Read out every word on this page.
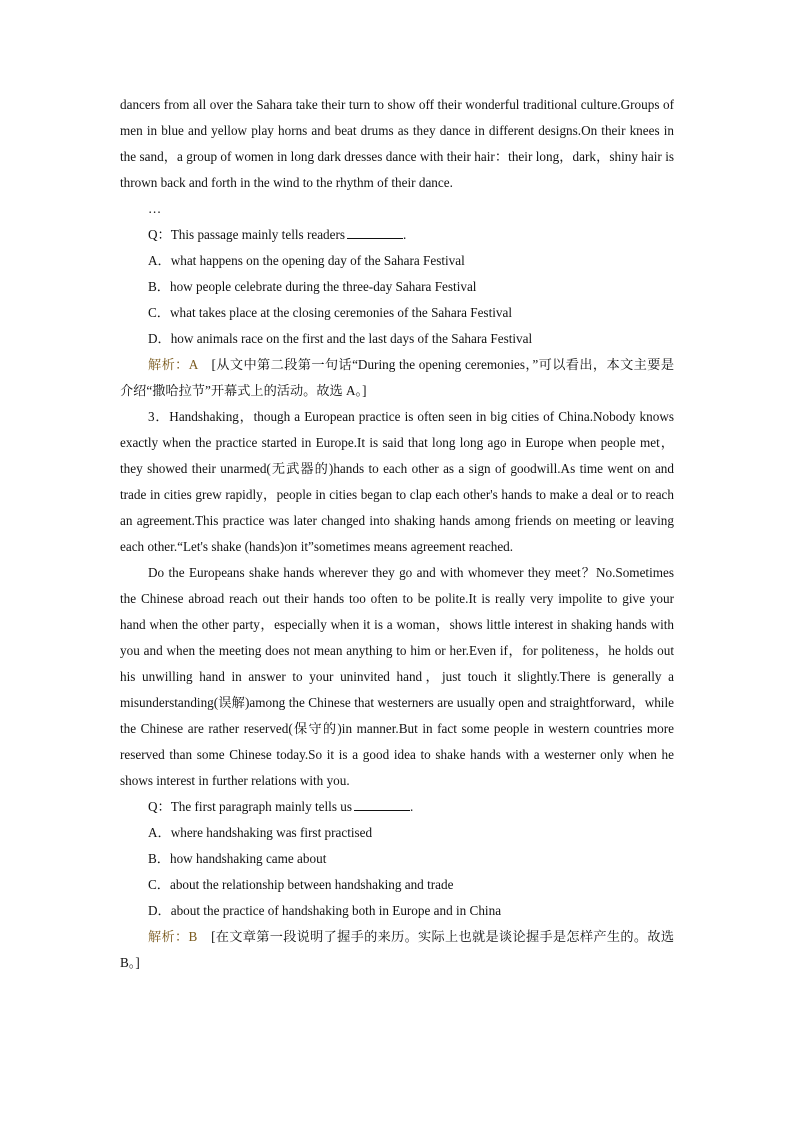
dancers from all over the Sahara take their turn to show off their wonderful traditional culture.Groups of men in blue and yellow play horns and beat drums as they dance in different designs.On their knees in the sand，a group of women in long dark dresses dance with their hair：their long，dark，shiny hair is thrown back and forth in the wind to the rhythm of their dance.

…

Q：This passage mainly tells readers	.

A．what happens on the opening day of the Sahara Festival

B．how people celebrate during the three-day Sahara Festival

C．what takes place at the closing ceremonies of the Sahara Festival

D．how animals race on the first and the last days of the Sahara Festival

解析：A　 [从文中第二段第一句话“During the opening ceremonies，”可以看出，本文主要是介绍“撒哈拉节”开幕式上的活动。故选 A。]

3．Handshaking，though a European practice is often seen in big cities of China.Nobody knows exactly when the practice started in Europe.It is said that long long ago in Europe when people met，they showed their unarmed(无武器的)hands to each other as a sign of goodwill.As time went on and trade in cities grew rapidly，people in cities began to clap each other's hands to make a deal or to reach an agreement.This practice was later changed into shaking hands among friends on meeting or leaving each other.“Let's shake (hands)on it”sometimes means agreement reached.

Do the Europeans shake hands wherever they go and with whomever they meet？No.Sometimes the Chinese abroad reach out their hands too often to be polite.It is really very impolite to give your hand when the other party，especially when it is a woman，shows little interest in shaking hands with you and when the meeting does not mean anything to him or her.Even if，for politeness，he holds out his unwilling hand in answer to your uninvited hand，just touch it slightly.There is generally a misunderstanding(误解)among the Chinese that westerners are usually open and straightforward，while the Chinese are rather reserved(保守的)in manner.But in fact some people in western countries more reserved than some Chinese today.So it is a good idea to shake hands with a westerner only when he shows interest in further relations with you.

Q：The first paragraph mainly tells us	.

A．where handshaking was first practised

B．how handshaking came about

C．about the relationship between handshaking and trade

D．about the practice of handshaking both in Europe and in China

解析：B　 [在文章第一段说明了握手的来历。实际上也就是谈论握手是怎样产生的。故选 B。]
